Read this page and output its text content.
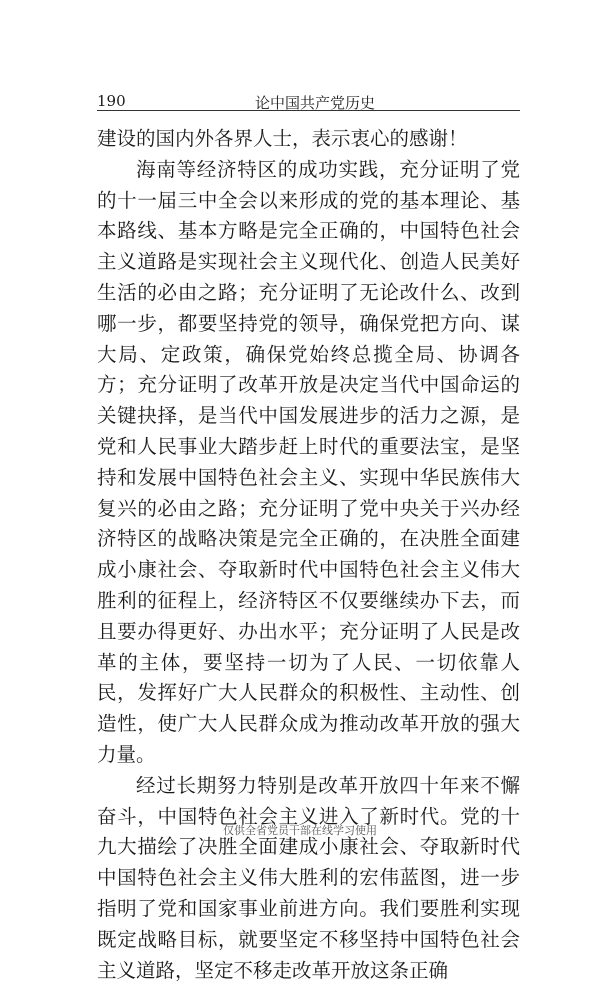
190	论中国共产党历史

建设的国内外各界人士，表示衷心的感谢！

海南等经济特区的成功实践，充分证明了党的十一届三中全会以来形成的党的基本理论、基本路线、基本方略是完全正确的，中国特色社会主义道路是实现社会主义现代化、创造人民美好生活的必由之路；充分证明了无论改什么、改到哪一步，都要坚持党的领导，确保党把方向、谋大局、定政策，确保党始终总揽全局、协调各方；充分证明了改革开放是决定当代中国命运的关键抉择，是当代中国发展进步的活力之源，是党和人民事业大踏步赶上时代的重要法宝，是坚持和发展中国特色社会主义、实现中华民族伟大复兴的必由之路；充分证明了党中央关于兴办经济特区的战略决策是完全正确的，在决胜全面建成小康社会、夺取新时代中国特色社会主义伟大胜利的征程上，经济特区不仅要继续办下去，而且要办得更好、办出水平；充分证明了人民是改革的主体，要坚持一切为了人民、一切依靠人民，发挥好广大人民群众的积极性、主动性、创造性，使广大人民群众成为推动改革开放的强大力量。

经过长期努力特别是改革开放四十年来不懈奋斗，中国特色社会主义进入了新时代。党的十九大描绘了决胜全面建成小康社会、夺取新时代中国特色社会主义伟大胜利的宏伟蓝图，进一步指明了党和国家事业前进方向。我们要胜利实现既定战略目标，就要坚定不移坚持中国特色社会主义道路，坚定不移走改革开放这条正确

仅供全省党员干部在线学习使用
